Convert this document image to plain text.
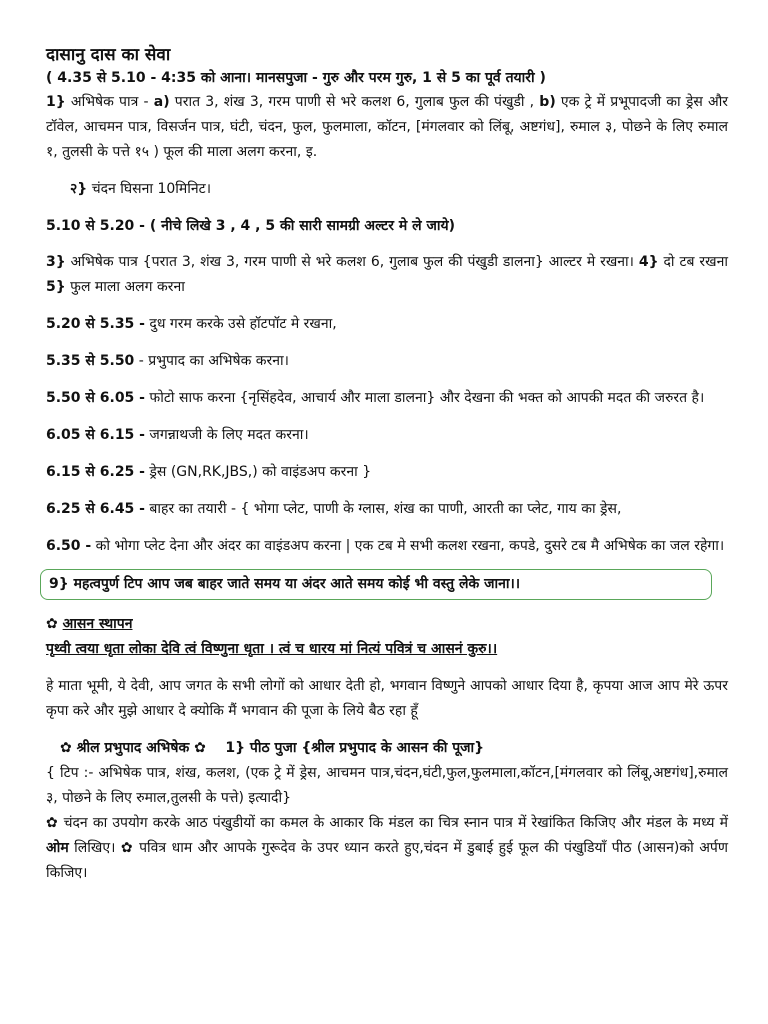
दासानु दास का सेवा

( 4.35 से 5.10 - 4:35 को आना। मानसपुजा - गुरु और परम गुरु, 1 से 5 का पूर्व तयारी )

1} अभिषेक पात्र - a) परात 3, शंख 3, गरम पाणी से भरे कलश 6, गुलाब फुल की पंखुडी , b) एक ट्रे में प्रभूपादजी का ड्रेस और टॉवेल, आचमन पात्र, विसर्जन पात्र, घंटी, चंदन, फुल, फुलमाला, कॉटन, [मंगलवार को लिंबू, अष्टगंध], रुमाल ३, पोछने के लिए रुमाल १, तुलसी के पत्ते १५ ) फूल की माला अलग करना, इ.

२} चंदन घिसना 10मिनिट।

5.10 से 5.20 - ( नीचे लिखे 3 , 4 , 5 की सारी सामग्री अल्टर मे ले जाये)

3} अभिषेक पात्र {परात 3, शंख 3, गरम पाणी से भरे कलश 6, गुलाब फुल की पंखुडी डालना} आल्टर मे रखना। 4} दो टब रखना 5} फुल माला अलग करना

5.20 से 5.35 - दुध गरम करके उसे हॉटपॉट मे रखना,

5.35 से 5.50 - प्रभुपाद का अभिषेक करना।

5.50 से 6.05 - फोटो साफ करना {नृसिंहदेव, आचार्य और माला डालना} और देखना की भक्त को आपकी मदत की जरुरत है।

6.05 से 6.15 - जगन्नाथजी के लिए मदत करना।

6.15 से 6.25 - ड्रेस (GN,RK,JBS,) को वाइंडअप करना }

6.25 से 6.45 - बाहर का तयारी - { भोगा प्लेट, पाणी के ग्लास, शंख का पाणी, आरती का प्लेट, गाय का ड्रेस,

6.50 - को भोगा प्लेट देना और अंदर का वाइंडअप करना | एक टब मे सभी कलश रखना, कपडे, दुसरे टब मै अभिषेक का जल रहेगा।

9} महत्वपुर्ण टिप आप जब बाहर जाते समय या अंदर आते समय कोई भी वस्तु लेके जाना।।

✿ आसन स्थापन

पृथ्वी त्वया धृता लोका देवि त्वं विष्णुना धृता । त्वं च धारय मां नित्यं पवित्रं च आसनं कुरु।।

हे माता भूमी, ये देवी, आप जगत के सभी लोगों को आधार देती हो, भगवान विष्णुने आपको आधार दिया है, कृपया आज आप मेरे ऊपर कृपा करे और मुझे आधार दे क्योकि मैं भगवान की पूजा के लिये बैठ रहा हूँ

✿ श्रील प्रभुपाद अभिषेक ✿ 1} पीठ पुजा {श्रील प्रभुपाद के आसन की पूजा}

{ टिप :- अभिषेक पात्र, शंख, कलश, (एक ट्रे में ड्रेस, आचमन पात्र,चंदन,घंटी,फुल,फुलमाला,कॉटन,[मंगलवार को लिंबू,अष्टगंध],रुमाल ३, पोछने के लिए रुमाल,तुलसी के पत्ते) इत्यादी}

✿ चंदन का उपयोग करके आठ पंखुडीयों का कमल के आकार कि मंडल का चित्र स्नान पात्र में रेखांकित किजिए और मंडल के मध्य में ओम लिखिए। ✿ पवित्र धाम और आपके गुरूदेव के उपर ध्यान करते हुए,चंदन में डुबाई हुई फूल की पंखुडियाँ पीठ (आसन)को अर्पण किजिए।
